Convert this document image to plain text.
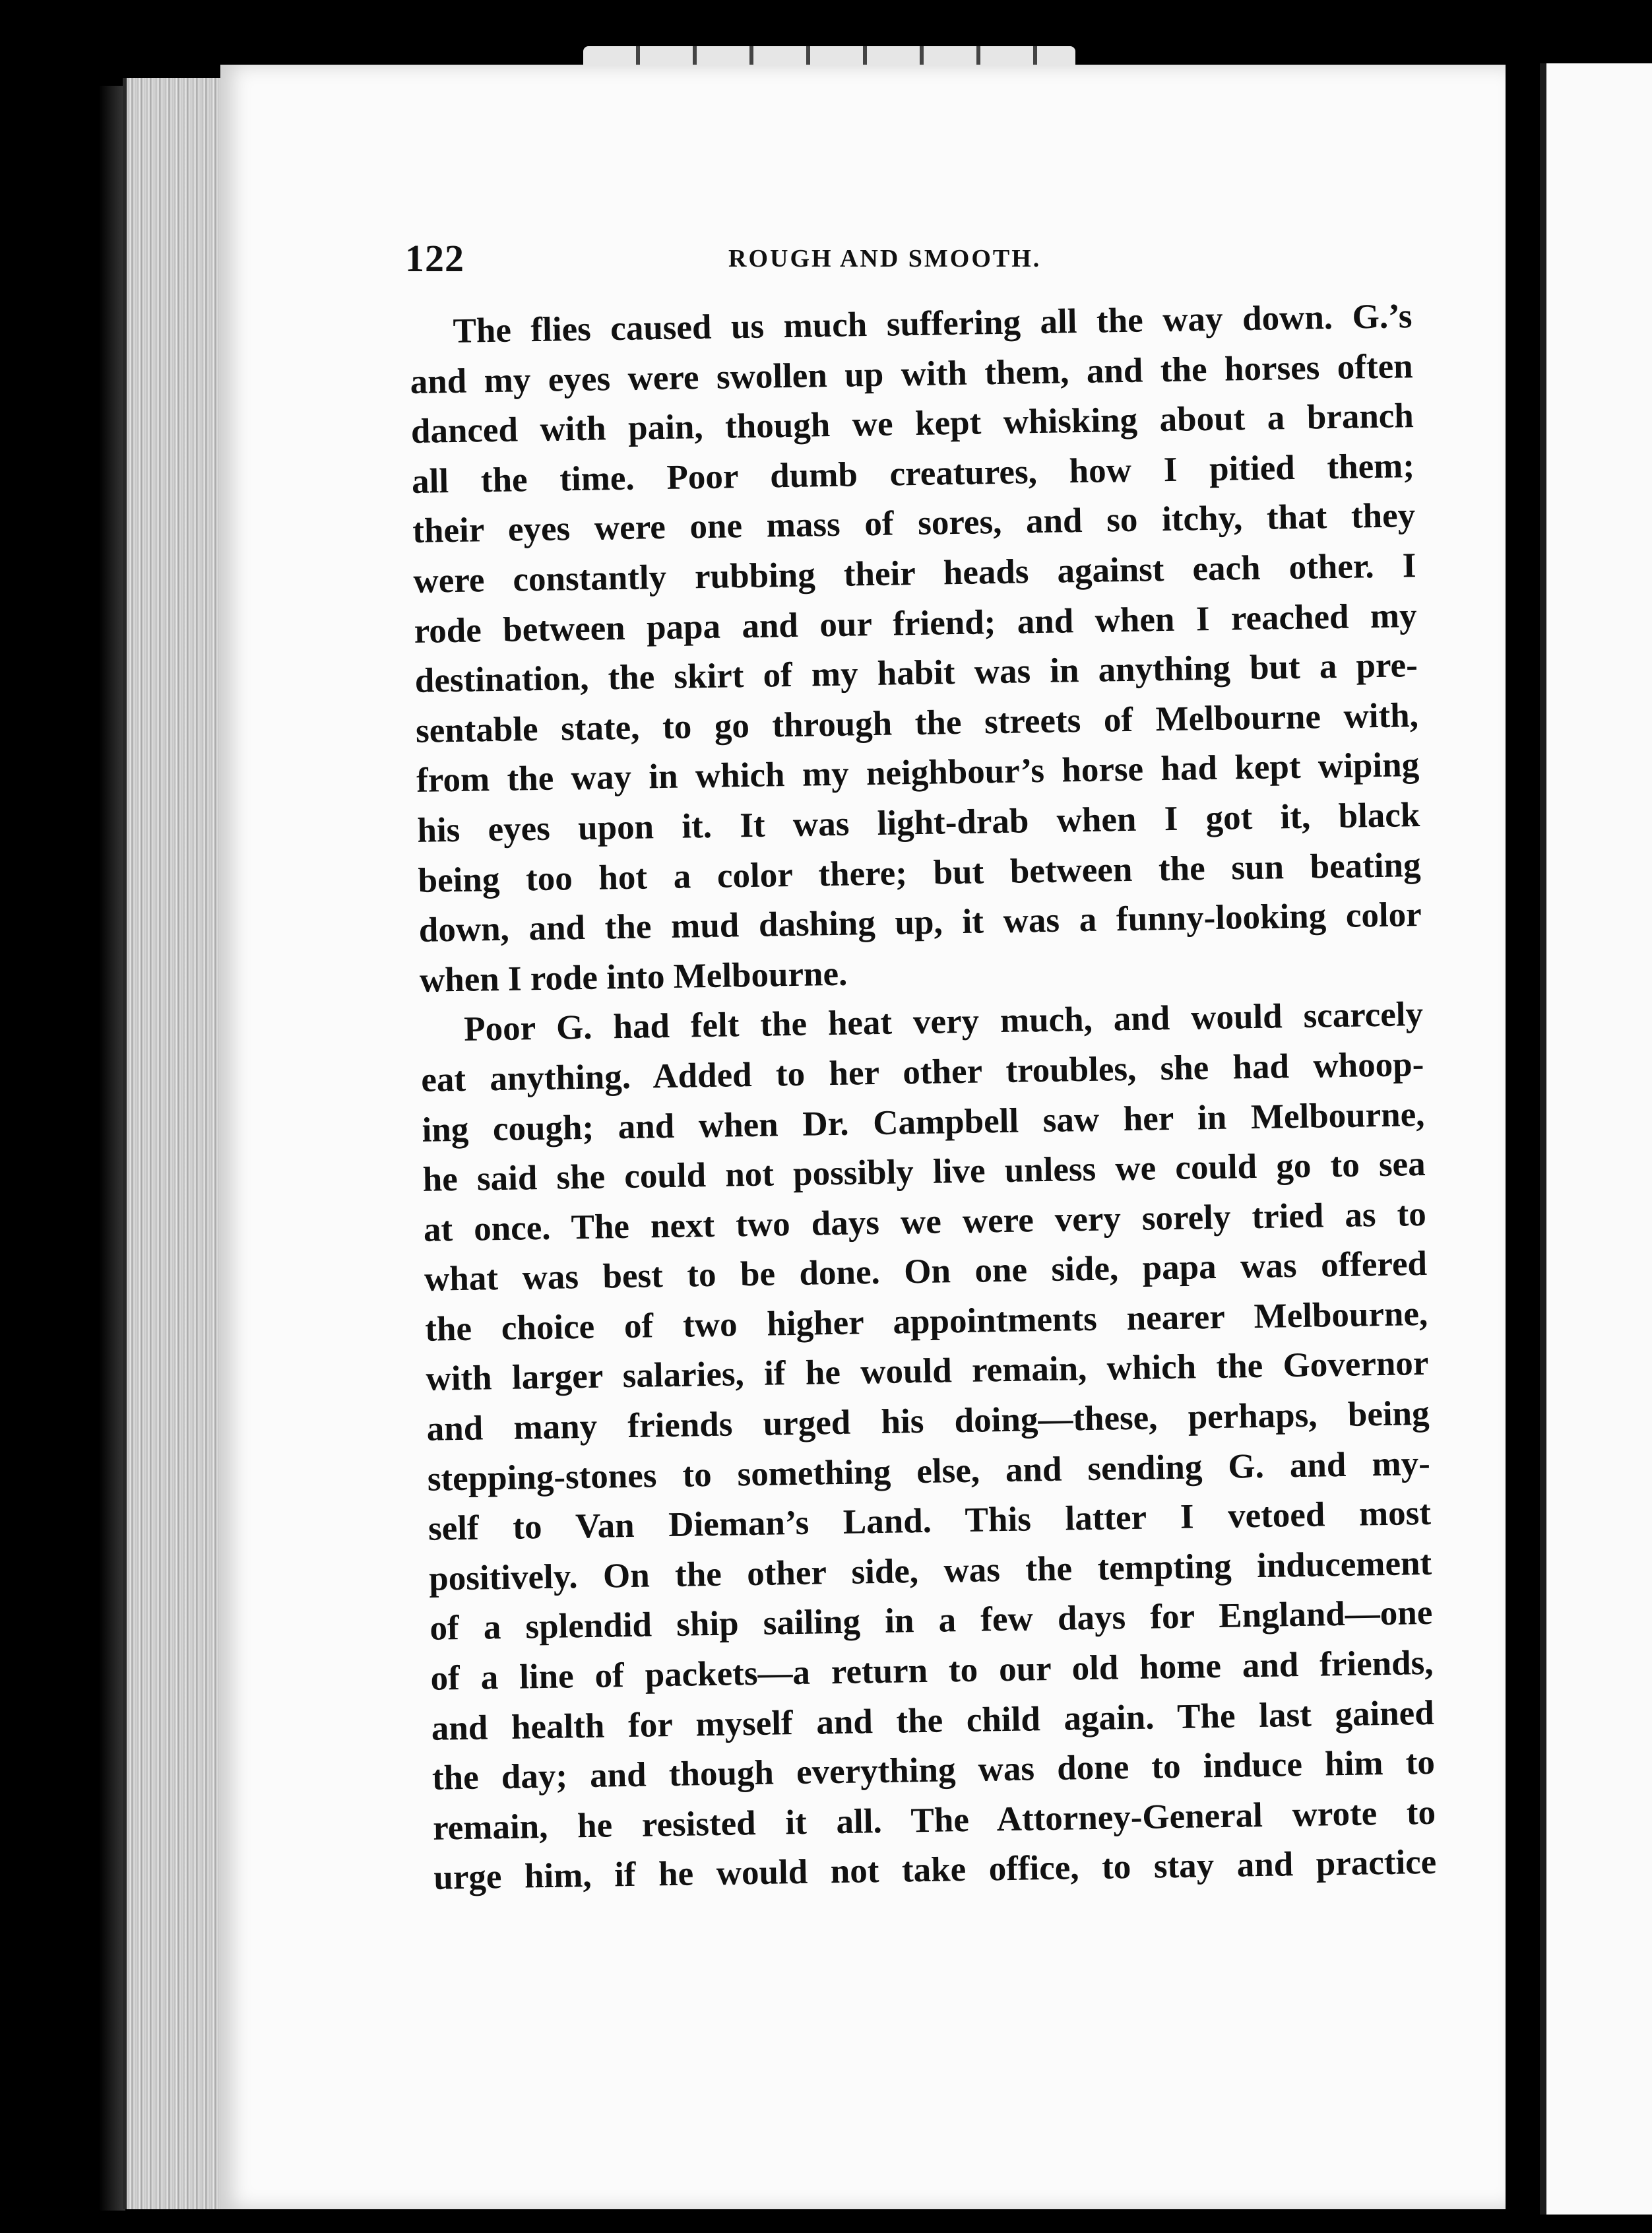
122	ROUGH AND SMOOTH.
The flies caused us much suffering all the way down. G.’s
and my eyes were swollen up with them, and the horses often
danced with pain, though we kept whisking about a branch
all the time. Poor dumb creatures, how I pitied them;
their eyes were one mass of sores, and so itchy, that they
were constantly rubbing their heads against each other. I
rode between papa and our friend; and when I reached my
destination, the skirt of my habit was in anything but a pre-
sentable state, to go through the streets of Melbourne with,
from the way in which my neighbour’s horse had kept wiping
his eyes upon it. It was light-drab when I got it, black
being too hot a color there; but between the sun beating
down, and the mud dashing up, it was a funny-looking color
when I rode into Melbourne.
Poor G. had felt the heat very much, and would scarcely
eat anything. Added to her other troubles, she had whoop-
ing cough; and when Dr. Campbell saw her in Melbourne,
he said she could not possibly live unless we could go to sea
at once. The next two days we were very sorely tried as to
what was best to be done. On one side, papa was offered
the choice of two higher appointments nearer Melbourne,
with larger salaries, if he would remain, which the Governor
and many friends urged his doing—these, perhaps, being
stepping-stones to something else, and sending G. and my-
self to Van Dieman’s Land. This latter I vetoed most
positively. On the other side, was the tempting inducement
of a splendid ship sailing in a few days for England—one
of a line of packets—a return to our old home and friends,
and health for myself and the child again. The last gained
the day; and though everything was done to induce him to
remain, he resisted it all. The Attorney-General wrote to
urge him, if he would not take office, to stay and practice
